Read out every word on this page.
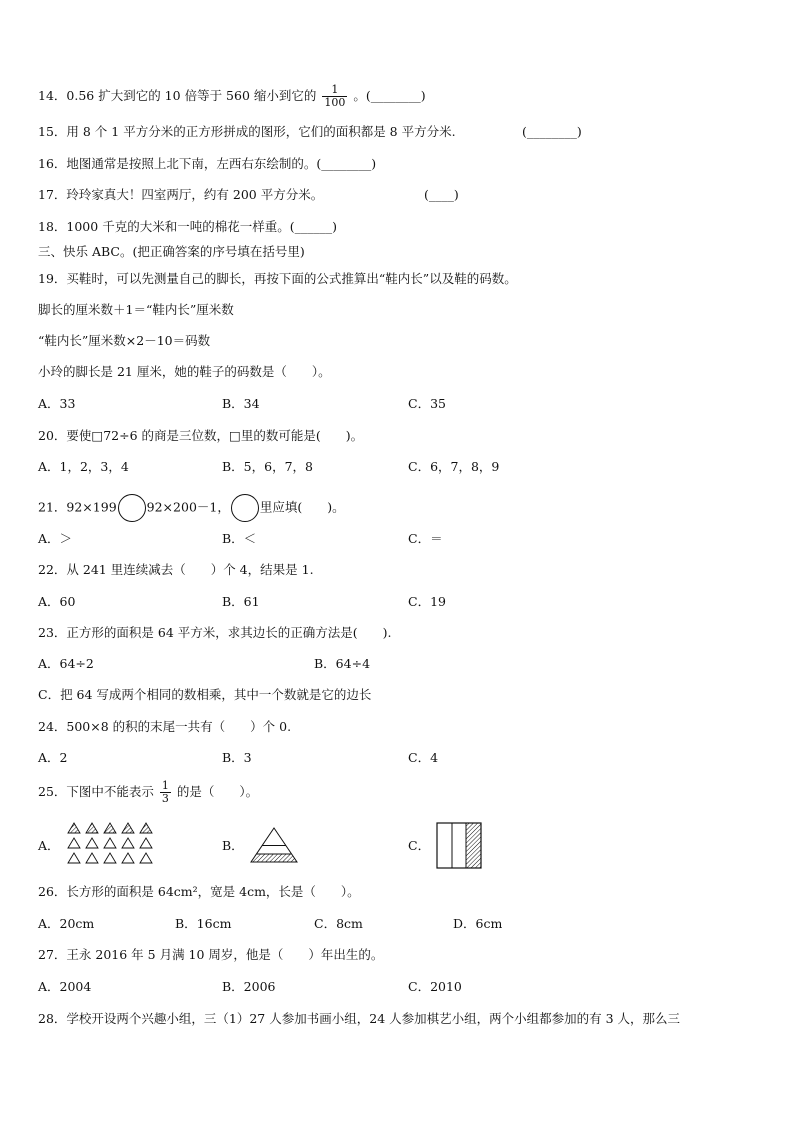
14．0.56 扩大到它的 10 倍等于 560 缩小到它的 $\frac{1}{100}$ 。(________)
15．用 8 个 1 平方分米的正方形拼成的图形，它们的面积都是 8 平方分米.	(________)
16．地图通常是按照上北下南，左西右东绘制的。(________)
17．玲玲家真大！四室两厅，约有 200 平方分米。	(____)
18．1000 千克的大米和一吨的棉花一样重。(______)
三、快乐 ABC。(把正确答案的序号填在括号里)
19．买鞋时，可以先测量自己的脚长，再按下面的公式推算出“鞋内长”以及鞋的码数。
脚长的厘米数＋1＝“鞋内长”厘米数
“鞋内长”厘米数×2－10＝码数
小玲的脚长是 21 厘米，她的鞋子的码数是（　　）。
A．33	B．34	C．35
20．要使□72÷6 的商是三位数，□里的数可能是(　　)。
A．1，2，3，4	B．5，6，7，8	C．6，7，8，9
21．92×199 92×200－1， 里应填(　　)。
A．＞	B．＜	C．＝
22．从 241 里连续减去（　　）个 4，结果是 1.
A．60	B．61	C．19
23．正方形的面积是 64 平方米，求其边长的正确方法是(　　).
A．64÷2	B．64÷4
C．把 64 写成两个相同的数相乘，其中一个数就是它的边长
24．500×8 的积的末尾一共有（　　）个 0.
A．2	B．3	C．4
25．下图中不能表示 $\frac{1}{3}$ 的是（　　）。
A．	B．	C．
26．长方形的面积是 64cm²，宽是 4cm，长是（　　）。
A．20cm	B．16cm	C．8cm	D．6cm
27．王永 2016 年 5 月满 10 周岁，他是（　　）年出生的。
A．2004	B．2006	C．2010
28．学校开设两个兴趣小组，三（1）27 人参加书画小组，24 人参加棋艺小组，两个小组都参加的有 3 人，那么三
